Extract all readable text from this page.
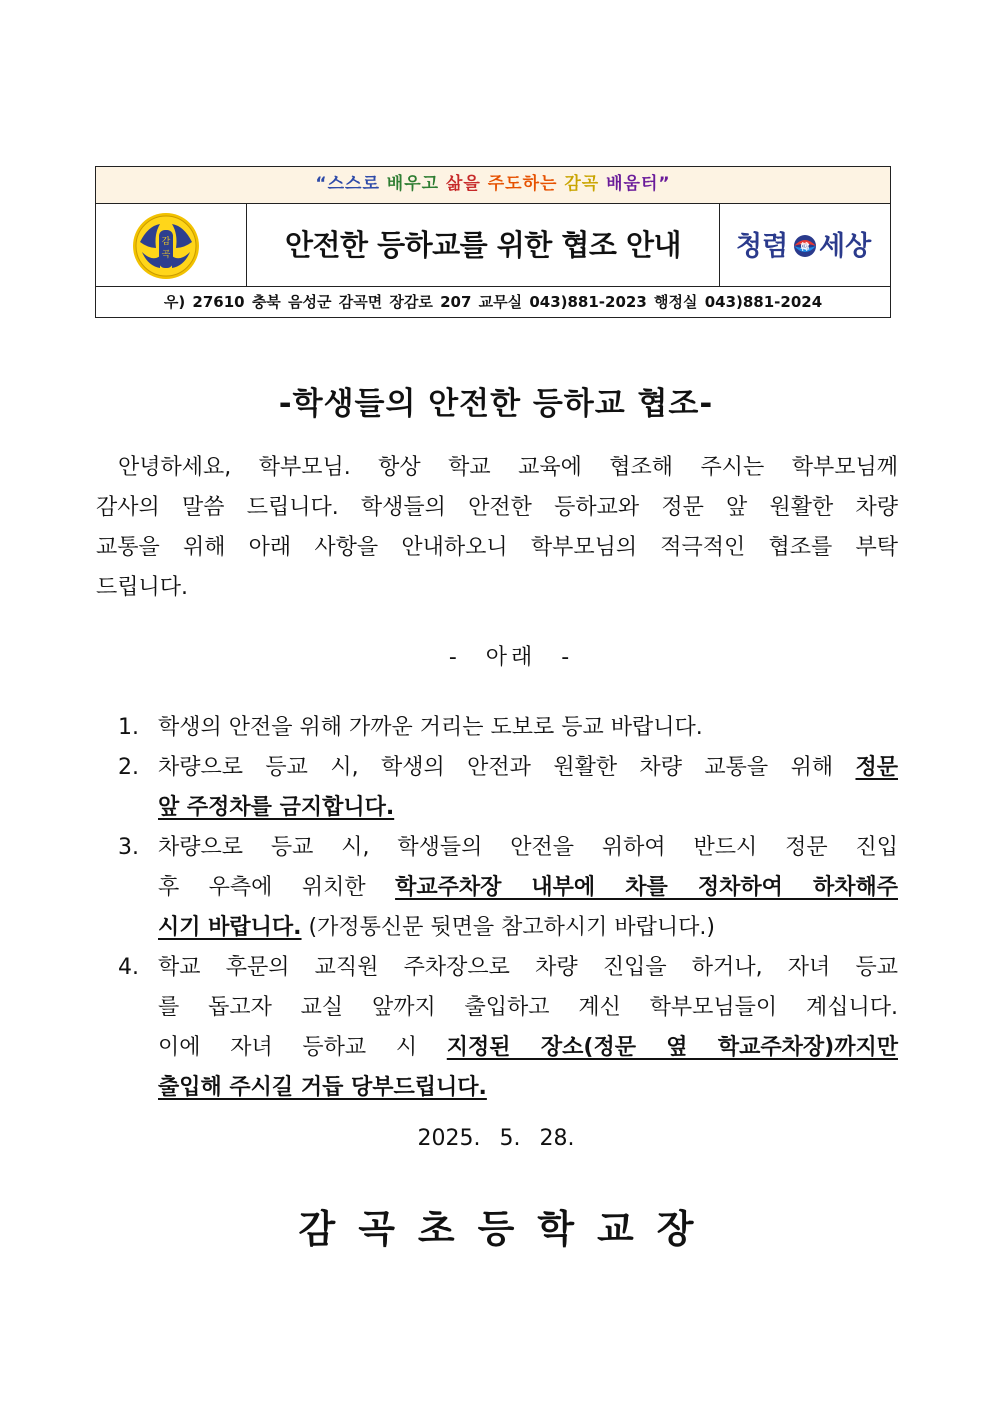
“스스로 배우고 삶을 주도하는 감곡 배움터”
감
곡	안전한 등하교를 위한 협조 안내	청렴 韓 세상
우) 27610 충북 음성군 감곡면 장감로 207 교무실 043)881-2023 행정실 043)881-2024
-학생들의 안전한 등하교 협조-
안녕하세요, 학부모님. 항상 학교 교육에 협조해 주시는 학부모님께
감사의 말씀 드립니다. 학생들의 안전한 등하교와 정문 앞 원활한 차량
교통을 위해 아래 사항을 안내하오니 학부모님의 적극적인 협조를 부탁
드립니다.
- 아래 -
1. 학생의 안전을 위해 가까운 거리는 도보로 등교 바랍니다.
2. 차량으로 등교 시, 학생의 안전과 원활한 차량 교통을 위해 정문
앞 주정차를 금지합니다.
3. 차량으로 등교 시, 학생들의 안전을 위하여 반드시 정문 진입
후 우측에 위치한 학교주차장 내부에 차를 정차하여 하차해주
시기 바랍니다. (가정통신문 뒷면을 참고하시기 바랍니다.)
4. 학교 후문의 교직원 주차장으로 차량 진입을 하거나, 자녀 등교
를 돕고자 교실 앞까지 출입하고 계신 학부모님들이 계십니다.
이에 자녀 등하교 시 지정된 장소(정문 옆 학교주차장)까지만
출입해 주시길 거듭 당부드립니다.
2025. 5. 28.
감곡초등학교장
